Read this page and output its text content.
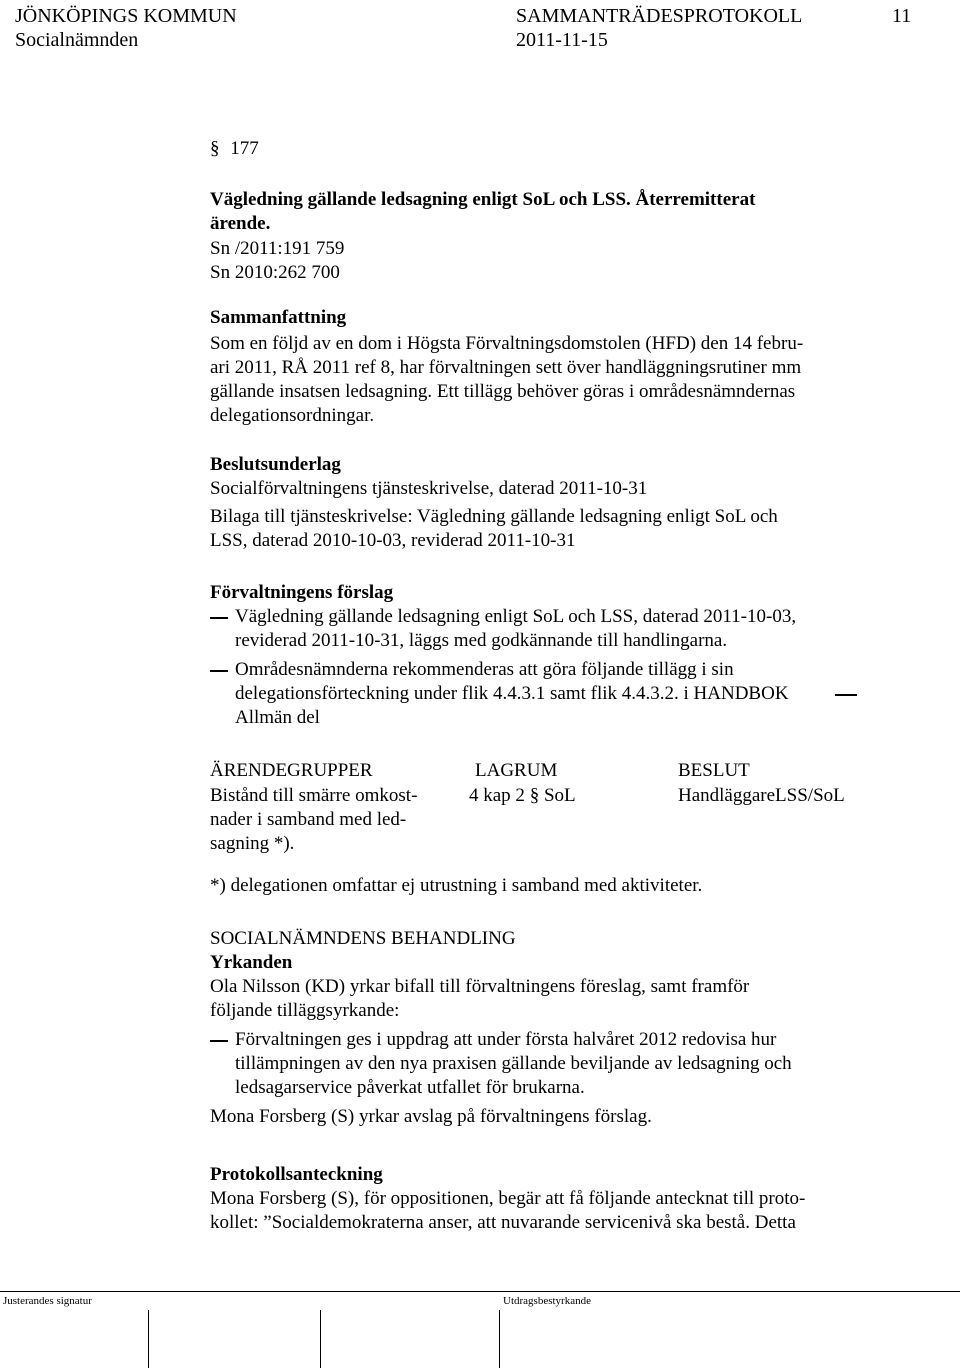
JÖNKÖPINGS KOMMUN
Socialnämnden
SAMMANTRÄDESPROTOKOLL
2011-11-15
11
§ 177
Vägledning gällande ledsagning enligt SoL och LSS. Återremitterat
ärende.
Sn /2011:191 759
Sn 2010:262 700
Sammanfattning
Som en följd av en dom i Högsta Förvaltningsdomstolen (HFD) den 14 febru-
ari 2011, RÅ 2011 ref 8, har förvaltningen sett över handläggningsrutiner mm
gällande insatsen ledsagning. Ett tillägg behöver göras i områdesnämndernas
delegationsordningar.
Beslutsunderlag
Socialförvaltningens tjänsteskrivelse, daterad 2011-10-31
Bilaga till tjänsteskrivelse: Vägledning gällande ledsagning enligt SoL och
LSS, daterad 2010-10-03, reviderad 2011-10-31
Förvaltningens förslag
Vägledning gällande ledsagning enligt SoL och LSS, daterad 2011-10-03,
reviderad 2011-10-31, läggs med godkännande till handlingarna.
Områdesnämnderna rekommenderas att göra följande tillägg i sin
delegationsförteckning under flik 4.4.3.1 samt flik 4.4.3.2. i HANDBOK
Allmän del
ÄRENDEGRUPPER	LAGRUM	BESLUT
Bistånd till smärre omkost-
nader i samband med led-
sagning *).
4 kap 2 § SoL	HandläggareLSS/SoL
*) delegationen omfattar ej utrustning i samband med aktiviteter.
SOCIALNÄMNDENS BEHANDLING
Yrkanden
Ola Nilsson (KD) yrkar bifall till förvaltningens föreslag, samt framför
följande tilläggsyrkande:
Förvaltningen ges i uppdrag att under första halvåret 2012 redovisa hur
tillämpningen av den nya praxisen gällande beviljande av ledsagning och
ledsagarservice påverkat utfallet för brukarna.
Mona Forsberg (S) yrkar avslag på förvaltningens förslag.
Protokollsanteckning
Mona Forsberg (S), för oppositionen, begär att få följande antecknat till proto-
kollet: ”Socialdemokraterna anser, att nuvarande servicenivå ska bestå. Detta
Justerandes signatur	Utdragsbestyrkande
